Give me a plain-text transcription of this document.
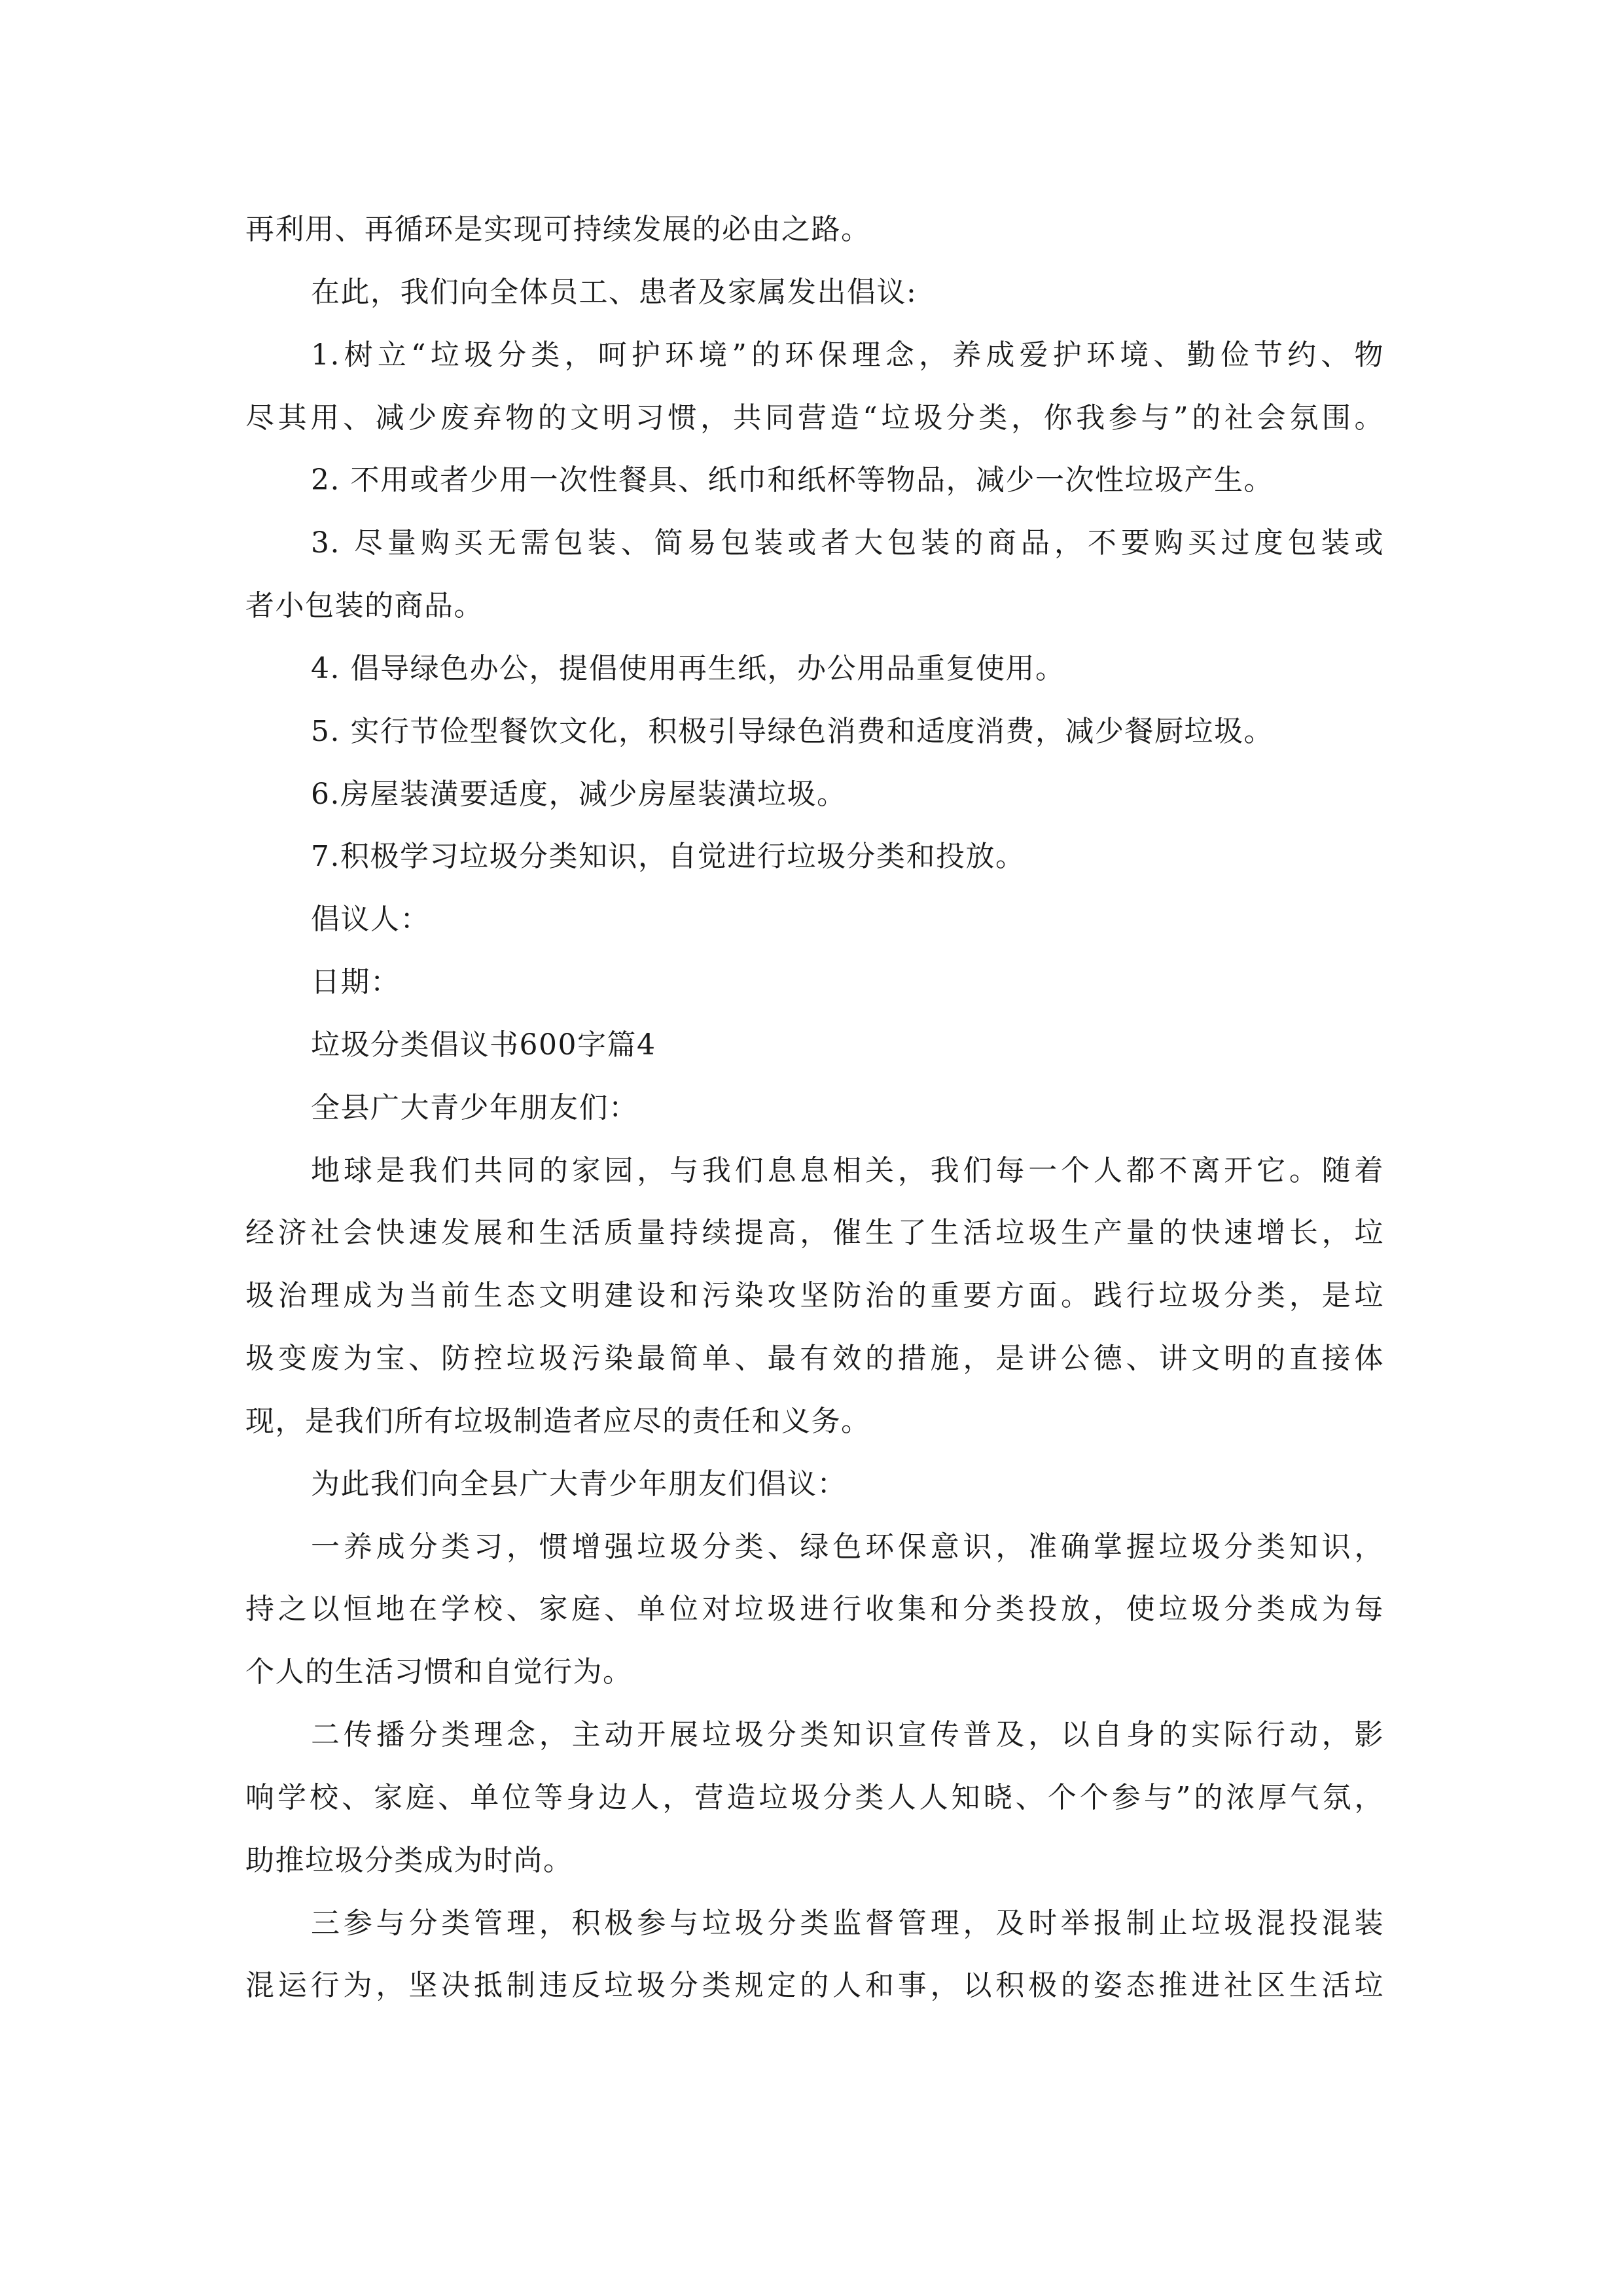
再利用、再循环是实现可持续发展的必由之路。
在此，我们向全体员工、患者及家属发出倡议:
1.树立“垃圾分类，呵护环境”的环保理念，养成爱护环境、勤俭节约、物
尽其用、减少废弃物的文明习惯，共同营造“垃圾分类，你我参与”的社会氛围。
2. 不用或者少用一次性餐具、纸巾和纸杯等物品，减少一次性垃圾产生。
3. 尽量购买无需包装、简易包装或者大包装的商品，不要购买过度包装或
者小包装的商品。
4. 倡导绿色办公，提倡使用再生纸，办公用品重复使用。
5. 实行节俭型餐饮文化，积极引导绿色消费和适度消费，减少餐厨垃圾。
6.房屋装潢要适度，减少房屋装潢垃圾。
7.积极学习垃圾分类知识，自觉进行垃圾分类和投放。
倡议人：
日期：
垃圾分类倡议书600字篇4
全县广大青少年朋友们：
地球是我们共同的家园，与我们息息相关，我们每一个人都不离开它。随着
经济社会快速发展和生活质量持续提高，催生了生活垃圾生产量的快速增长，垃
圾治理成为当前生态文明建设和污染攻坚防治的重要方面。践行垃圾分类，是垃
圾变废为宝、防控垃圾污染最简单、最有效的措施，是讲公德、讲文明的直接体
现，是我们所有垃圾制造者应尽的责任和义务。
为此我们向全县广大青少年朋友们倡议：
一养成分类习，惯增强垃圾分类、绿色环保意识，准确掌握垃圾分类知识，
持之以恒地在学校、家庭、单位对垃圾进行收集和分类投放，使垃圾分类成为每
个人的生活习惯和自觉行为。
二传播分类理念，主动开展垃圾分类知识宣传普及，以自身的实际行动，影
响学校、家庭、单位等身边人，营造垃圾分类人人知晓、个个参与”的浓厚气氛，
助推垃圾分类成为时尚。
三参与分类管理，积极参与垃圾分类监督管理，及时举报制止垃圾混投混装
混运行为，坚决抵制违反垃圾分类规定的人和事，以积极的姿态推进社区生活垃
